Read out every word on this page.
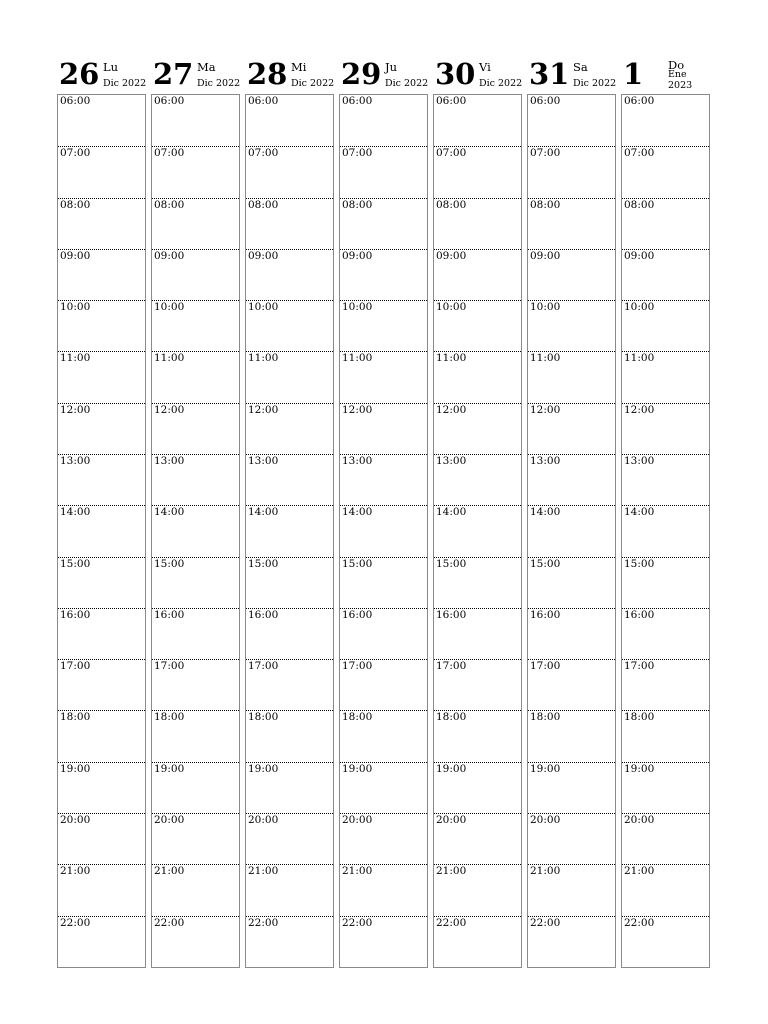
26 Lu
Dic 2022
06:00
07:00
08:00
09:00
10:00
11:00
12:00
13:00
14:00
15:00
16:00
17:00
18:00
19:00
20:00
21:00
22:00
27 Ma
Dic 2022
06:00
07:00
08:00
09:00
10:00
11:00
12:00
13:00
14:00
15:00
16:00
17:00
18:00
19:00
20:00
21:00
22:00
28 Mi
Dic 2022
06:00
07:00
08:00
09:00
10:00
11:00
12:00
13:00
14:00
15:00
16:00
17:00
18:00
19:00
20:00
21:00
22:00
29 Ju
Dic 2022
06:00
07:00
08:00
09:00
10:00
11:00
12:00
13:00
14:00
15:00
16:00
17:00
18:00
19:00
20:00
21:00
22:00
30 Vi
Dic 2022
06:00
07:00
08:00
09:00
10:00
11:00
12:00
13:00
14:00
15:00
16:00
17:00
18:00
19:00
20:00
21:00
22:00
31 Sa
Dic 2022
06:00
07:00
08:00
09:00
10:00
11:00
12:00
13:00
14:00
15:00
16:00
17:00
18:00
19:00
20:00
21:00
22:00
1 Do
Ene
2023
06:00
07:00
08:00
09:00
10:00
11:00
12:00
13:00
14:00
15:00
16:00
17:00
18:00
19:00
20:00
21:00
22:00
